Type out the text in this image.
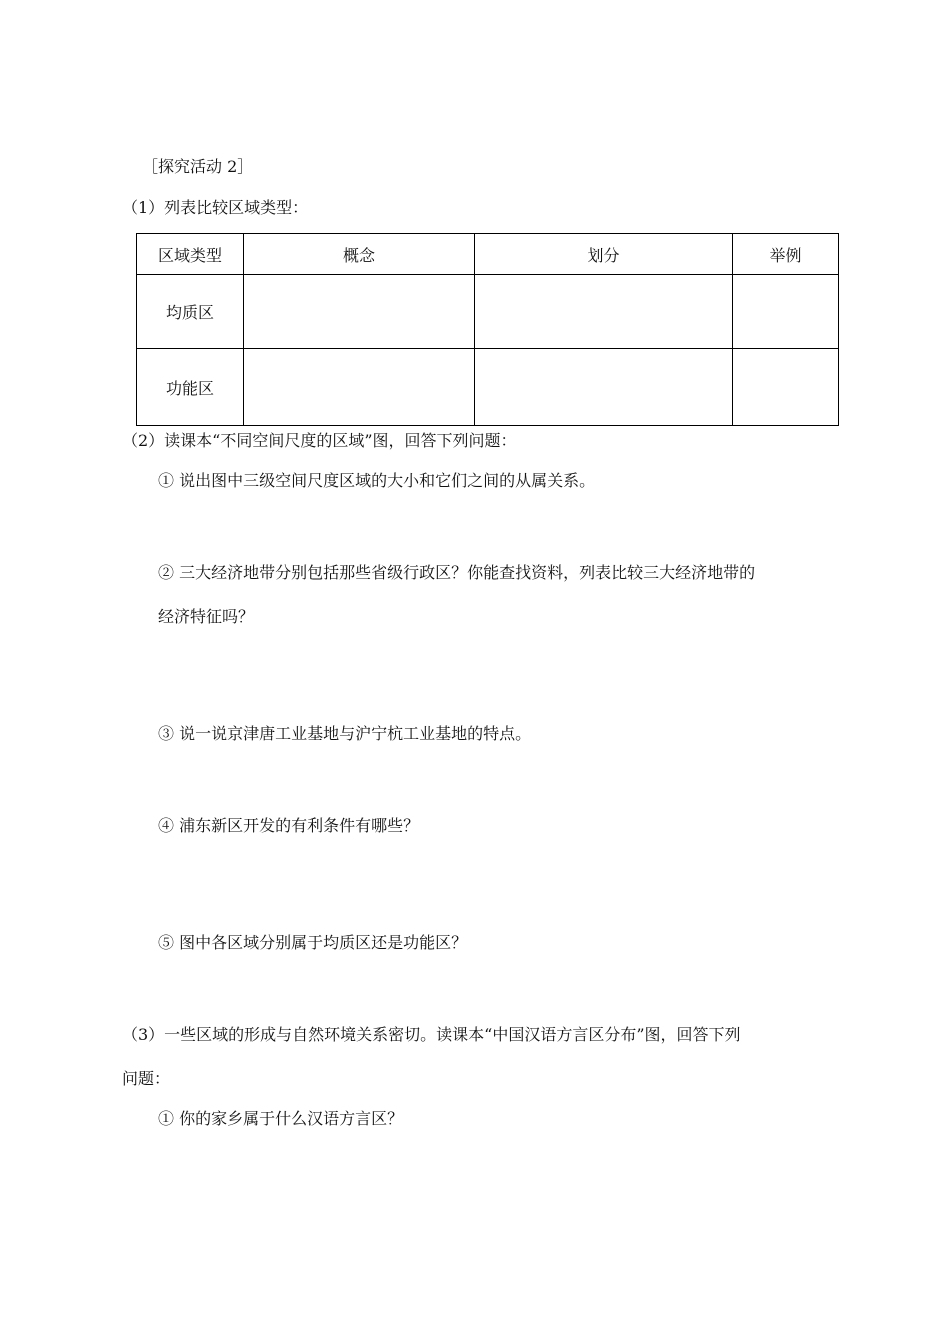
［探究活动 2］
（1）列表比较区域类型：
区域类型	概念	划分	举例
均质区			
功能区			
（2）读课本“不同空间尺度的区域”图，回答下列问题：
① 说出图中三级空间尺度区域的大小和它们之间的从属关系。
② 三大经济地带分别包括那些省级行政区？你能查找资料，列表比较三大经济地带的
经济特征吗？
③ 说一说京津唐工业基地与沪宁杭工业基地的特点。
④ 浦东新区开发的有利条件有哪些？
⑤ 图中各区域分别属于均质区还是功能区？
（3）一些区域的形成与自然环境关系密切。读课本“中国汉语方言区分布”图，回答下列
问题：
① 你的家乡属于什么汉语方言区？
